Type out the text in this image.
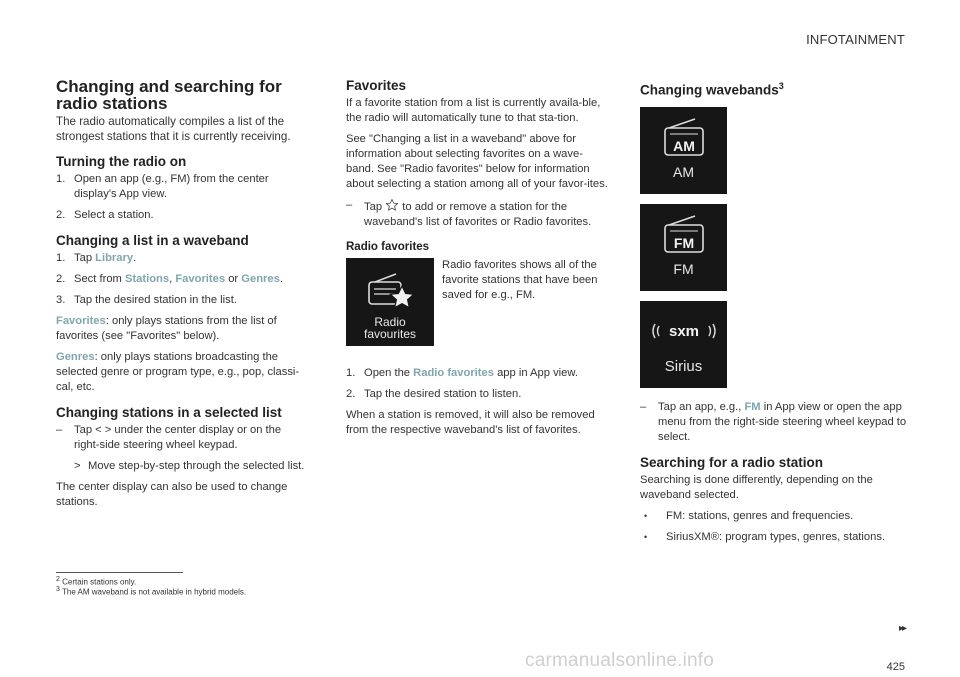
INFOTAINMENT
Changing and searching for radio stations

The radio automatically compiles a list of the strongest stations that it is currently receiving.

Turning the radio on
1. Open an app (e.g., FM) from the center display's App view.
2. Select a station.
Changing a list in a waveband
1. Tap Library.
2. Sect from Stations, Favorites or Genres.
3. Tap the desired station in the list.

Favorites: only plays stations from the list of favorites (see "Favorites" below).

Genres: only plays stations broadcasting the selected genre or program type, e.g., pop, classi-cal, etc.

Changing stations in a selected list
–	Tap < > under the center display or on the right-side steering wheel keypad.
> Move step-by-step through the selected list.

The center display can also be used to change stations.

Favorites

If a favorite station from a list is currently availa-ble, the radio will automatically tune to that sta-tion.

See "Changing a list in a waveband" above for information about selecting favorites on a wave-band. See "Radio favorites" below for information about selecting a station among all of your favor-ites.

–	Tap  to add or remove a station for the waveband's list of favorites or Radio favorites.
Radio favorites
Radio
favourites

Radio favorites shows all of the favorite stations that have been saved for e.g., FM.

1. Open the Radio favorites app in App view.
2. Tap the desired station to listen.

When a station is removed, it will also be removed from the respective waveband's list of favorites.

Changing wavebands$^3$
AM
AM
FM
FM
sxm
Sirius
–	Tap an app, e.g., FM in App view or open the app menu from the right-side steering wheel keypad to select.
Searching for a radio station

Searching is done differently, depending on the waveband selected.

•	FM: stations, genres and frequencies.
•	SiriusXM®: program types, genres, stations.
$^2$ Certain stations only.
$^3$ The AM waveband is not available in hybrid models.
▸▸
425
carmanualsonline.info
